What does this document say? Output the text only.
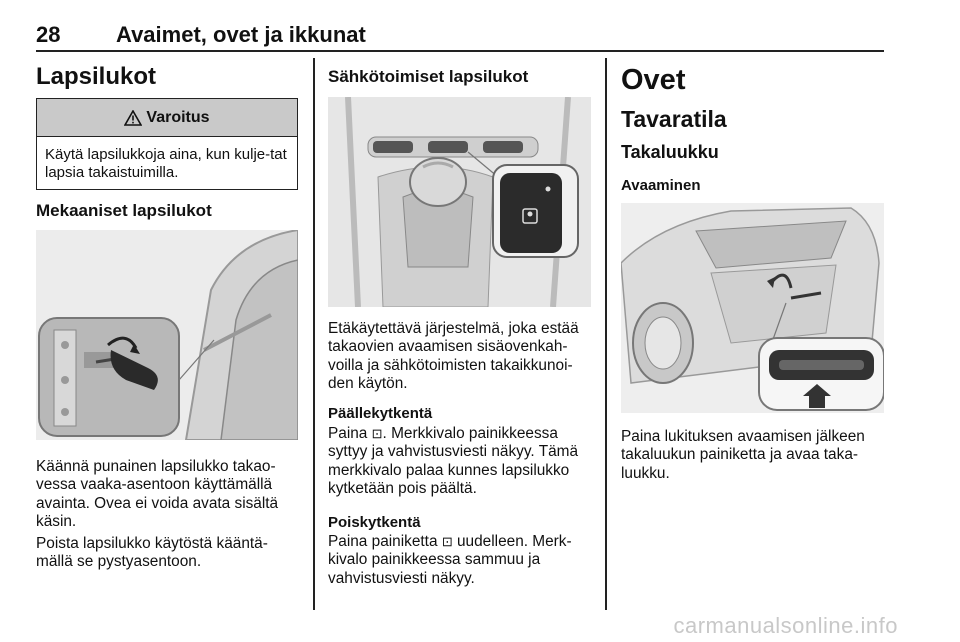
28	Avaimet, ovet ja ikkunat
Lapsilukot
Varoitus
Käytä lapsilukkoja aina, kun kulje-tat lapsia takaistuimilla.
Mekaaniset lapsilukot

Käännä punainen lapsilukko takao-vessa vaaka-asentoon käyttämällä avainta. Ovea ei voida avata sisältä käsin.

Poista lapsilukko käytöstä kääntä-mällä se pystyasentoon.

Sähkötoimiset lapsilukot

Etäkäytettävä järjestelmä, joka estää takaovien avaamisen sisäovenkah-voilla ja sähkötoimisten takaikkunoi-den käytön.

Päällekytkentä

Paina ⊡. Merkkivalo painikkeessa syttyy ja vahvistusviesti näkyy. Tämä merkkivalo palaa kunnes lapsilukko kytketään pois päältä.

Poiskytkentä

Paina painiketta ⊡ uudelleen. Merk-kivalo painikkeessa sammuu ja vahvistusviesti näkyy.

Ovet
Tavaratila
Takaluukku
Avaaminen

Paina lukituksen avaamisen jälkeen takaluukun painiketta ja avaa taka-luukku.

carmanualsonline.info
